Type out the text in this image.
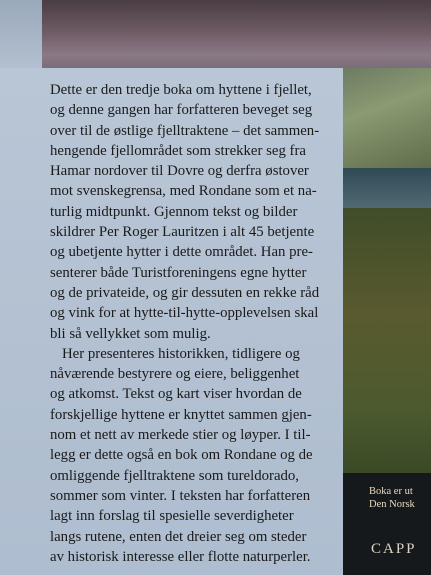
Boka er ut
Den Norsk
CAPP

Dette er den tredje boka om hyttene i fjellet,
og denne gangen har forfatteren beveget seg
over til de østlige fjelltraktene – det sammen-
hengende fjellområdet som strekker seg fra
Hamar nordover til Dovre og derfra østover
mot svenskegrensa, med Rondane som et na-
turlig midtpunkt. Gjennom tekst og bilder
skildrer Per Roger Lauritzen i alt 45 betjente
og ubetjente hytter i dette området. Han pre-
senterer både Turistforeningens egne hytter
og de privateide, og gir dessuten en rekke råd
og vink for at hytte-til-hytte-opplevelsen skal
bli så vellykket som mulig.

Her presenteres historikken, tidligere og
nåværende bestyrere og eiere, beliggenhet
og atkomst. Tekst og kart viser hvordan de
forskjellige hyttene er knyttet sammen gjen-
nom et nett av merkede stier og løyper. I til-
legg er dette også en bok om Rondane og de
omliggende fjelltraktene som tureldorado,
sommer som vinter. I teksten har forfatteren
lagt inn forslag til spesielle severdigheter
langs rutene, enten det dreier seg om steder
av historisk interesse eller flotte naturperler.
